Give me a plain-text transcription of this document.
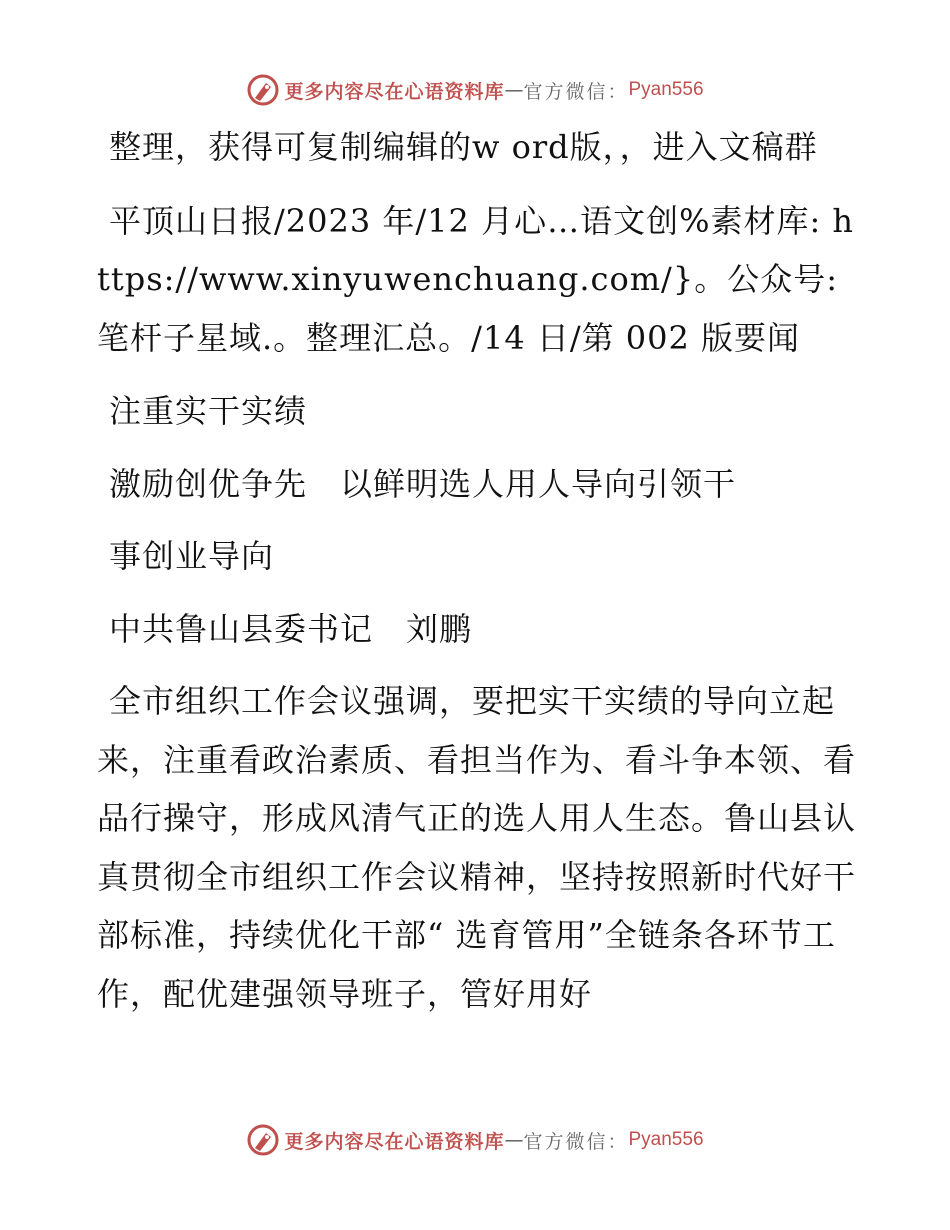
更多内容尽在心语资料库 — 官方微信： Pyan556

整理，获得可复制编辑的w ord版，，进入文稿群

平顶山日报/2023 年/12 月心…语文创%素材库: https://www.xinyuwenchuang.com/}。公众号: 笔杆子星域.。整理汇总。/14 日/第 002 版要闻

注重实干实绩

激励创优争先　以鲜明选人用人导向引领干

事创业导向

中共鲁山县委书记　刘鹏

全市组织工作会议强调，要把实干实绩的导向立起来，注重看政治素质、看担当作为、看斗争本领、看品行操守，形成风清气正的选人用人生态。鲁山县认真贯彻全市组织工作会议精神，坚持按照新时代好干部标准，持续优化干部“ 选育管用”全链条各环节工作，配优建强领导班子，管好用好

更多内容尽在心语资料库 — 官方微信： Pyan556
